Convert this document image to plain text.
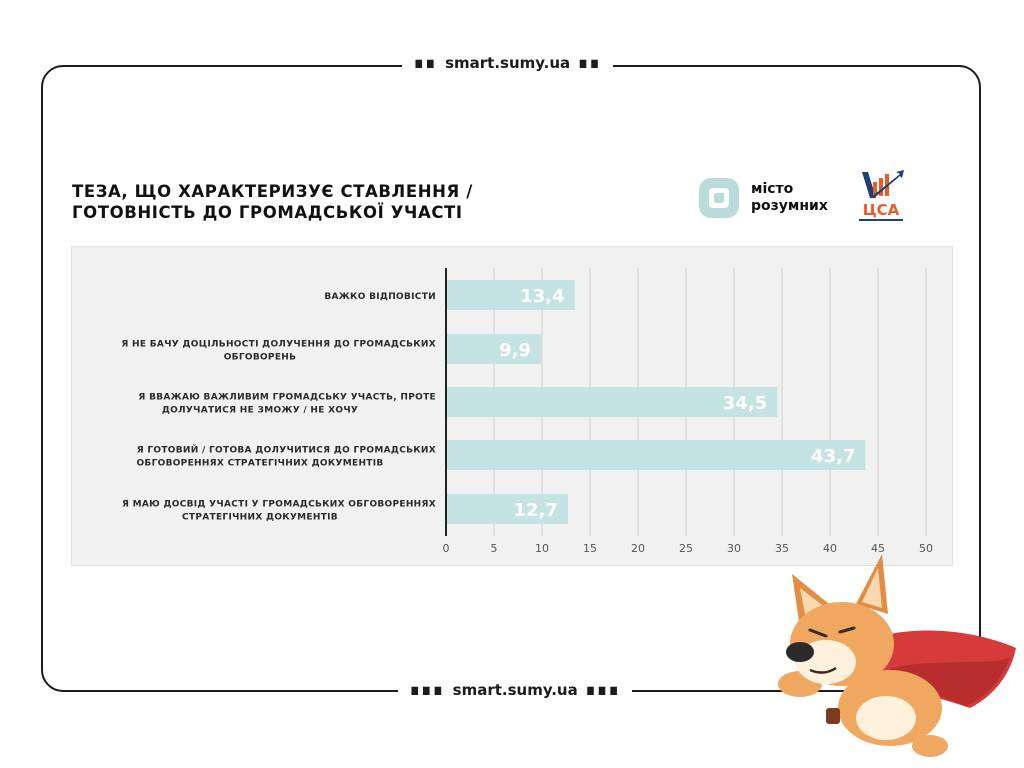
∎∎ smart.sumy.ua ∎∎
∎∎∎ smart.sumy.ua ∎∎∎
ТЕЗА, ЩО ХАРАКТЕРИЗУЄ СТАВЛЕННЯ /
ГОТОВНІСТЬ ДО ГРОМАДСЬКОЇ УЧАСТІ
місто
розумних ЦСА
13,4
9,9
34,5
43,7
12,7
ВАЖКО ВІДПОВІСТИ
Я НЕ БАЧУ ДОЦІЛЬНОСТІ ДОЛУЧЕННЯ ДО ГРОМАДСЬКИХ
ОБГОВОРЕНЬ
Я ВВАЖАЮ ВАЖЛИВИМ ГРОМАДСЬКУ УЧАСТЬ, ПРОТЕ
ДОЛУЧАТИСЯ НЕ ЗМОЖУ / НЕ ХОЧУ
Я ГОТОВИЙ / ГОТОВА ДОЛУЧИТИСЯ ДО ГРОМАДСЬКИХ
ОБГОВОРЕННЯХ СТРАТЕГІЧНИХ ДОКУМЕНТІВ
Я МАЮ ДОСВІД УЧАСТІ У ГРОМАДСЬКИХ ОБГОВОРЕННЯХ
СТРАТЕГІЧНИХ ДОКУМЕНТІВ
0	5	10	15	20	25	30	35	40	45	50
